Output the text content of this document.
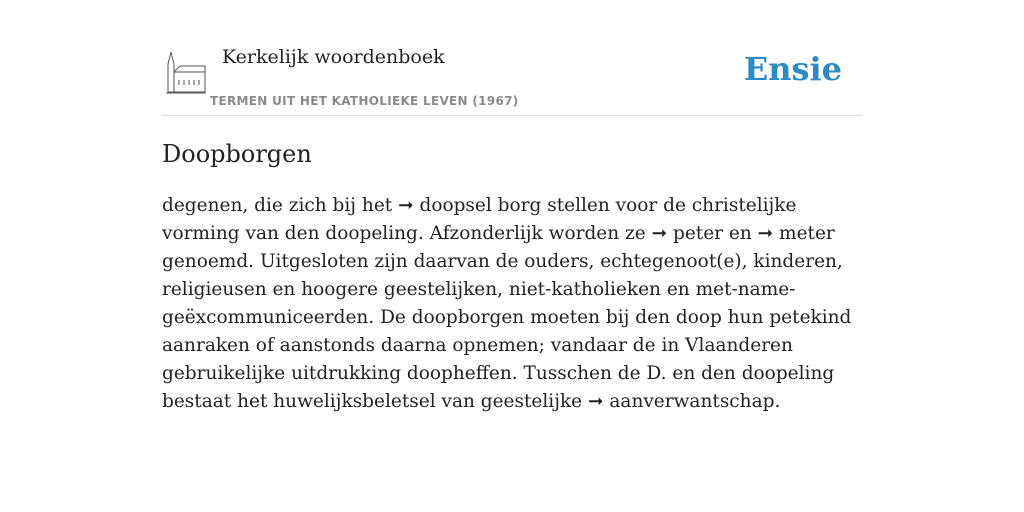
Kerkelijk woordenboek
TERMEN UIT HET KATHOLIEKE LEVEN (1967)
Ensie
Doopborgen

degenen, die zich bij het ➞ doopsel borg stellen voor de christelijke vorming van den doopeling. Afzonderlijk worden ze ➞ peter en ➞ meter genoemd. Uitgesloten zijn daarvan de ouders, echtegenoot(e), kinderen, religieusen en hoogere geestelijken, niet-katholieken en met-name-geëxcommuniceerden. De doopborgen moeten bij den doop hun petekind aanraken of aanstonds daarna opnemen; vandaar de in Vlaanderen gebruikelijke uitdrukking doopheffen. Tusschen de D. en den doopeling bestaat het huwelijksbeletsel van geestelijke ➞ aanverwantschap.
